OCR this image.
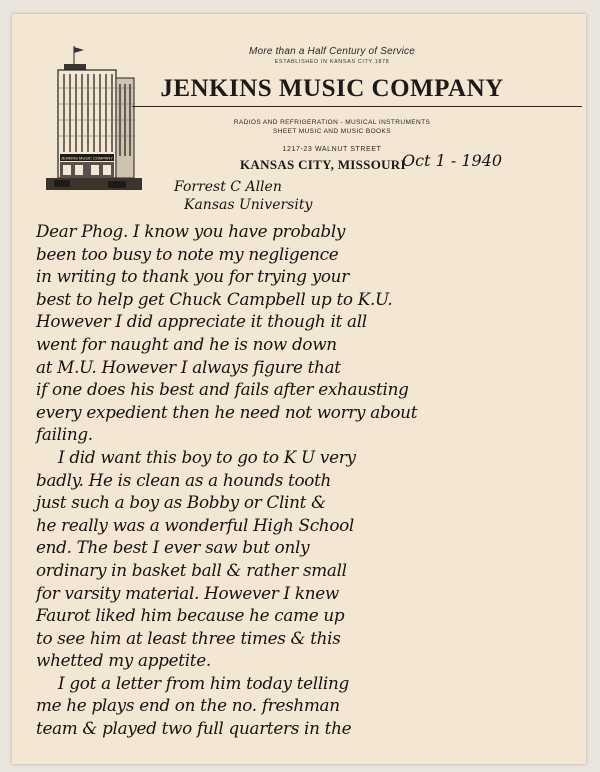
JENKINS MUSIC COMPANY
More than a Half Century of Service
ESTABLISHED IN KANSAS CITY 1878
JENKINS MUSIC COMPANY
RADIOS AND REFRIGERATION - MUSICAL INSTRUMENTS
SHEET MUSIC AND MUSIC BOOKS
1217-23 WALNUT STREET
KANSAS CITY, MISSOURI
Oct 1 - 1940
Forrest C Allen
Kansas University
Dear Phog. I know you have probably
been too busy to note my negligence
in writing to thank you for trying your
best to help get Chuck Campbell up to K.U.
However I did appreciate it though it all
went for naught and he is now down
at M.U. However I always figure that
if one does his best and fails after exhausting
every expedient then he need not worry about
failing.
I did want this boy to go to K U very
badly. He is clean as a hounds tooth
just such a boy as Bobby or Clint &
he really was a wonderful High School
end. The best I ever saw but only
ordinary in basket ball & rather small
for varsity material. However I knew
Faurot liked him because he came up
to see him at least three times & this
whetted my appetite.
I got a letter from him today telling
me he plays end on the no. freshman
team & played two full quarters in the
